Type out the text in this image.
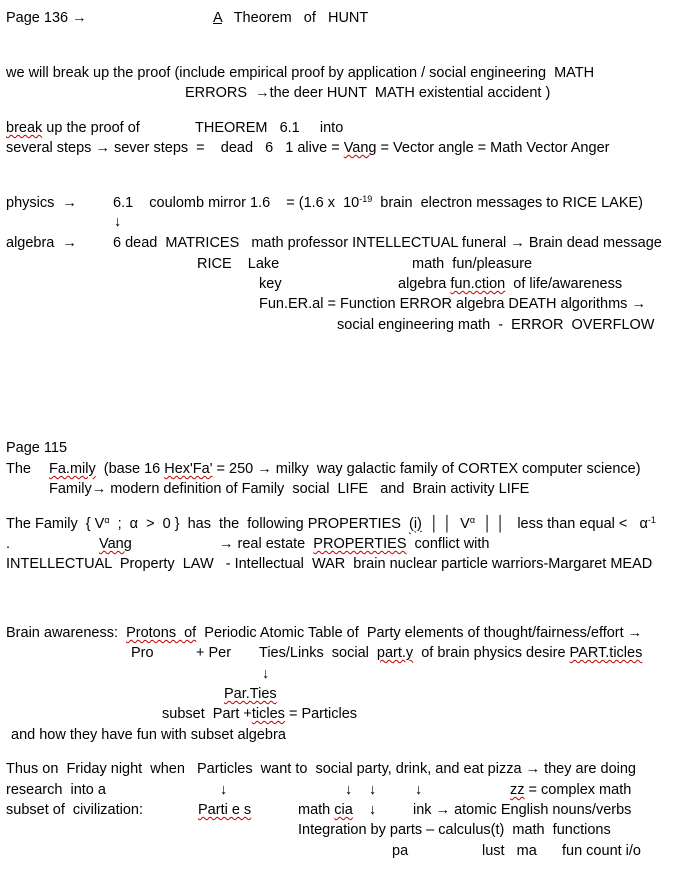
Page 136 →	A Theorem   of   HUNT
we will break up the proof (include empirical proof by application / social engineering  MATH
ERRORS  →the deer HUNT  MATH existential accident )
break up the proof of	THEOREM   6.1     into
several steps → sever steps  =    dead   6   1 alive = Vang = Vector angle = Math Vector Anger
physics  → 6.1    coulomb mirror 1.6    = (1.6 x  $10^{-19}$  brain  electron messages to RICE LAKE)
↓
algebra  → 6 dead  MATRICES   math professor INTELLECTUAL funeral → Brain dead message
RICE    Lake	math  fun/pleasure
key	algebra fun.ction  of life/awareness
Fun.ER.al = Function ERROR algebra DEATH algorithms →
social engineering math  -  ERROR  OVERFLOW
Page 115
The Fa.mily  (base 16 Hex'Fa' = 250 → milky  way galactic family of CORTEX computer science)
Family→ modern definition of Family  social  LIFE   and  Brain activity LIFE
The Family  { $V^\alpha$  ;  α  >  0 }  has  the  following PROPERTIES  (i)  │ │  $V^\alpha$  │ │   less than equal <   $\alpha^{-1}$
.	Vang	→ real estate  PROPERTIES  conflict with
INTELLECTUAL  Property  LAW   - Intellectual  WAR  brain nuclear particle warriors-Margaret MEAD
Brain awareness:  Protons  of  Periodic Atomic Table of  Party elements of thought/fairness/effort →
Pro	+ Per       Ties/Links  social  part.y  of brain physics desire PART.ticles
↓
Par.Ties
subset  Part +ticles = Particles
and how they have fun with subset algebra
Thus on  Friday night  when   Particles  want to  social party, drink, and eat pizza → they are doing
research  into a	↓	↓ ↓	↓	zz = complex math
subset of  civilization:	Parti e s	math cia ↓	ink → atomic English nouns/verbs
Integration by parts – calculus(t)  math  functions
pa	lust   ma fun count i/o
